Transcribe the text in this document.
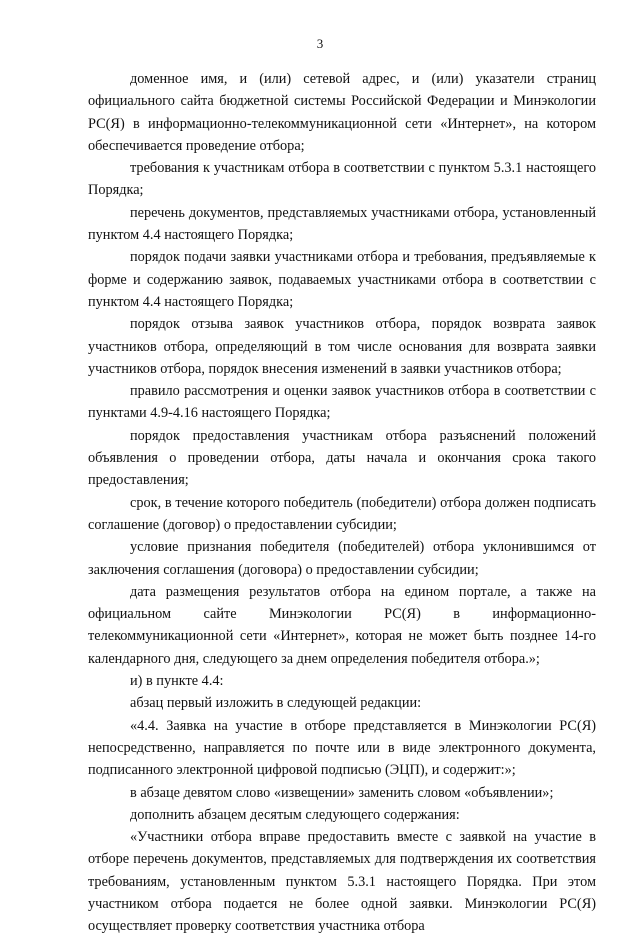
3

доменное имя, и (или) сетевой адрес, и (или) указатели страниц официального сайта бюджетной системы Российской Федерации и Минэкологии РС(Я) в информационно-телекоммуникационной сети «Интернет», на котором обеспечивается проведение отбора;

требования к участникам отбора в соответствии с пунктом 5.3.1 настоящего Порядка;

перечень документов, представляемых участниками отбора, установленный пунктом 4.4 настоящего Порядка;

порядок подачи заявки участниками отбора и требования, предъявляемые к форме и содержанию заявок, подаваемых участниками отбора в соответствии с пунктом 4.4 настоящего Порядка;

порядок отзыва заявок участников отбора, порядок возврата заявок участников отбора, определяющий в том числе основания для возврата заявки участников отбора, порядок внесения изменений в заявки участников отбора;

правило рассмотрения и оценки заявок участников отбора в соответствии с пунктами 4.9-4.16 настоящего Порядка;

порядок предоставления участникам отбора разъяснений положений объявления о проведении отбора, даты начала и окончания срока такого предоставления;

срок, в течение которого победитель (победители) отбора должен подписать соглашение (договор) о предоставлении субсидии;

условие признания победителя (победителей) отбора уклонившимся от заключения соглашения (договора) о предоставлении субсидии;

дата размещения результатов отбора на едином портале, а также на официальном сайте Минэкологии РС(Я) в информационно-телекоммуникационной сети «Интернет», которая не может быть позднее 14-го календарного дня, следующего за днем определения победителя отбора.»;

и) в пункте 4.4:

абзац первый изложить в следующей редакции:

«4.4. Заявка на участие в отборе представляется в Минэкологии РС(Я) непосредственно, направляется по почте или в виде электронного документа, подписанного электронной цифровой подписью (ЭЦП), и содержит:»;

в абзаце девятом слово «извещении» заменить словом «объявлении»;

дополнить абзацем десятым следующего содержания:

«Участники отбора вправе предоставить вместе с заявкой на участие в отборе перечень документов, представляемых для подтверждения их соответствия требованиям, установленным пунктом 5.3.1 настоящего Порядка. При этом участником отбора подается не более одной заявки. Минэкологии РС(Я) осуществляет проверку соответствия участника отбора
